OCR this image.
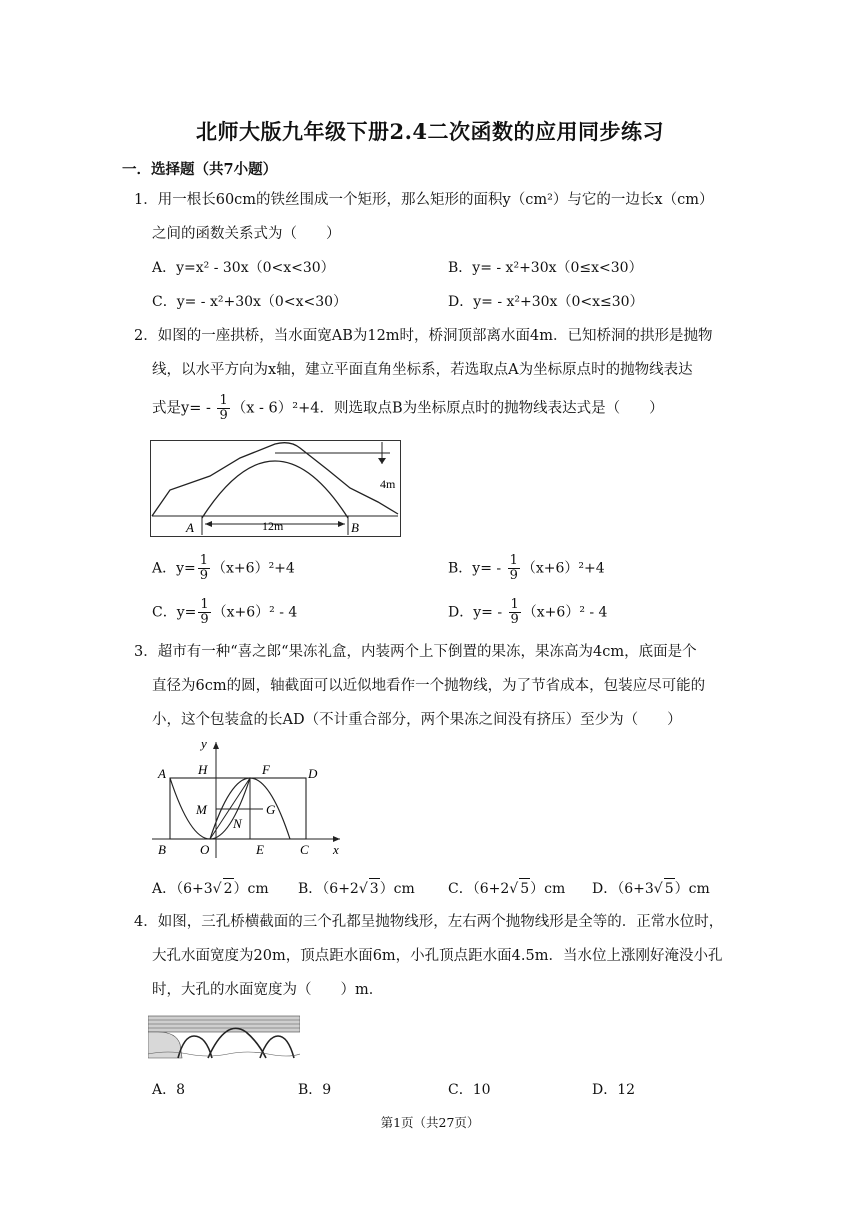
北师大版九年级下册2.4二次函数的应用同步练习
一．选择题（共7小题）
1．用一根长60cm的铁丝围成一个矩形，那么矩形的面积y（cm²）与它的一边长x（cm）
之间的函数关系式为（　　）
A．y=x² - 30x（0<x<30）	B．y= - x²+30x（0≤x<30）
C．y= - x²+30x（0<x<30）	D．y= - x²+30x（0<x≤30）
2．如图的一座拱桥，当水面宽AB为12m时，桥洞顶部离水面4m．已知桥洞的拱形是抛物
线，以水平方向为x轴，建立平面直角坐标系，若选取点A为坐标原点时的抛物线表达
式是$y= - \frac{1}{9} (x - 6)^2+4$．则选取点B为坐标原点时的抛物线表达式是（　　）
A	B
12m
4m
A．$y= \frac{1}{9} (x+6)^2+4$	B．$y= - \frac{1}{9} (x+6)^2+4$
C．$y= \frac{1}{9} (x+6)^2 - 4$	D．$y= - \frac{1}{9} (x+6)^2 - 4$
3．超市有一种“喜之郎“果冻礼盒，内装两个上下倒置的果冻，果冻高为4cm，底面是个
直径为6cm的圆，轴截面可以近似地看作一个抛物线，为了节省成本，包装应尽可能的
小，这个包装盒的长AD（不计重合部分，两个果冻之间没有挤压）至少为（　　）
A H	F	D
M	G
N
B	O	E	C x
y
A．（6+3√ 2）cm B．（6+2√ 3）cm C．（6+2√ 5）cm D．（6+3√ 5）cm
4．如图，三孔桥横截面的三个孔都呈抛物线形，左右两个抛物线形是全等的．正常水位时，
大孔水面宽度为20m，顶点距水面6m，小孔顶点距水面4.5m．当水位上涨刚好淹没小孔
时，大孔的水面宽度为（　　）m．
A．8	B．9	C．10	D．12
第1页（共27页）
